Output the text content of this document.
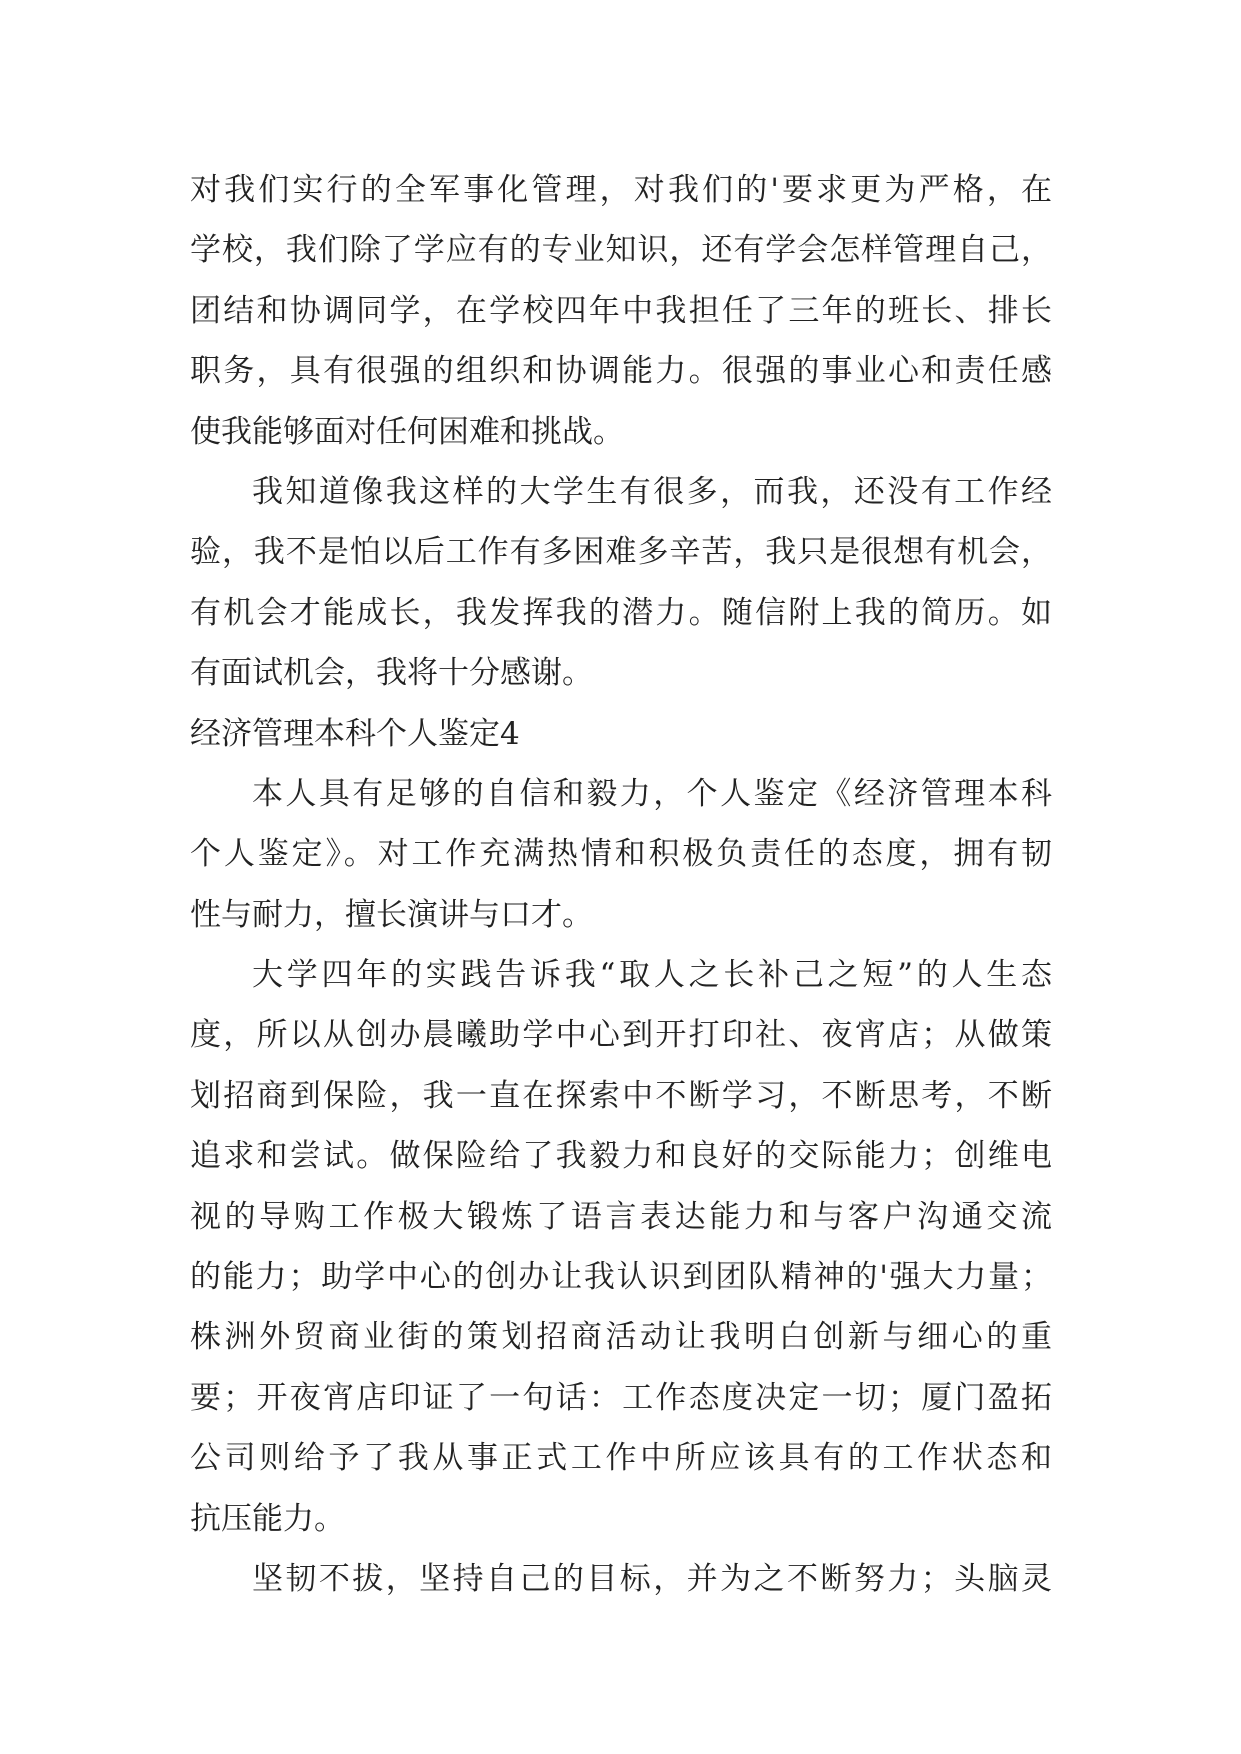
对我们实行的全军事化管理，对我们的'要求更为严格，在
学校，我们除了学应有的专业知识，还有学会怎样管理自己，
团结和协调同学，在学校四年中我担任了三年的班长、排长
职务，具有很强的组织和协调能力。很强的事业心和责任感
使我能够面对任何困难和挑战。
我知道像我这样的大学生有很多，而我，还没有工作经
验，我不是怕以后工作有多困难多辛苦，我只是很想有机会，
有机会才能成长，我发挥我的潜力。随信附上我的简历。如
有面试机会，我将十分感谢。
经济管理本科个人鉴定4
本人具有足够的自信和毅力，个人鉴定《经济管理本科
个人鉴定》。对工作充满热情和积极负责任的态度，拥有韧
性与耐力，擅长演讲与口才。
大学四年的实践告诉我“取人之长补己之短”的人生态
度，所以从创办晨曦助学中心到开打印社、夜宵店；从做策
划招商到保险，我一直在探索中不断学习，不断思考，不断
追求和尝试。做保险给了我毅力和良好的交际能力；创维电
视的导购工作极大锻炼了语言表达能力和与客户沟通交流
的能力；助学中心的创办让我认识到团队精神的'强大力量；
株洲外贸商业街的策划招商活动让我明白创新与细心的重
要；开夜宵店印证了一句话：工作态度决定一切；厦门盈拓
公司则给予了我从事正式工作中所应该具有的工作状态和
抗压能力。
坚韧不拔，坚持自己的目标，并为之不断努力；头脑灵
